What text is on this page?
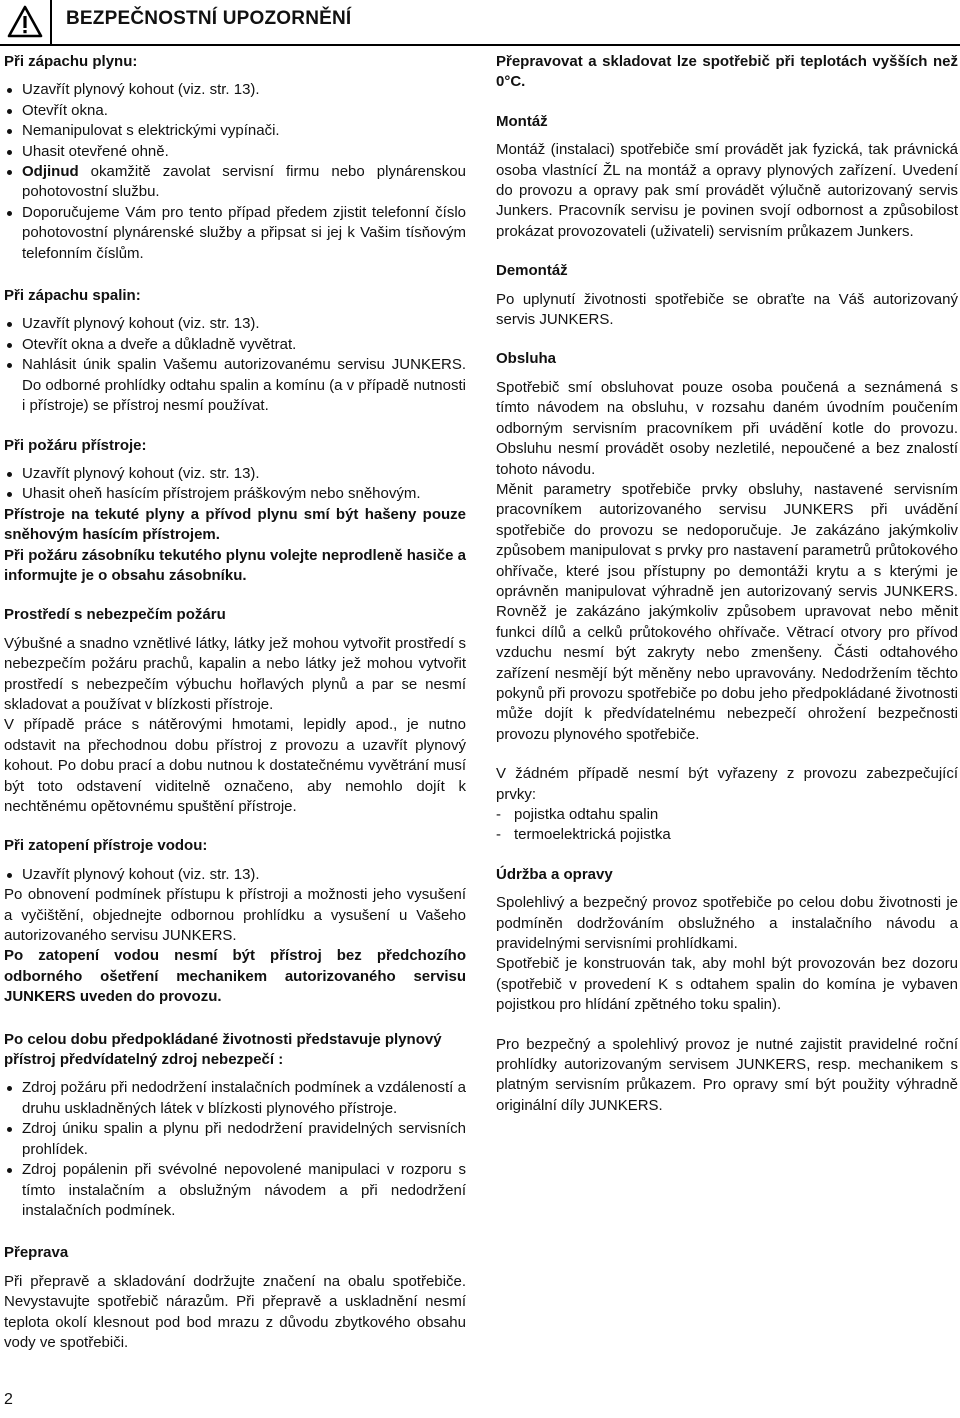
BEZPEČNOSTNÍ UPOZORNĚNÍ
Při zápachu plynu:
Uzavřít plynový kohout (viz. str. 13).
Otevřít okna.
Nemanipulovat s elektrickými vypínači.
Uhasit otevřené ohně.
Odjinud okamžitě zavolat servisní firmu nebo plynárenskou pohotovostní službu.
Doporučujeme Vám pro tento případ předem zjistit telefonní číslo pohotovostní plynárenské služby a připsat si jej k Vašim tísňovým telefonním číslům.
Při zápachu spalin:
Uzavřít plynový kohout (viz. str. 13).
Otevřít okna a dveře a důkladně vyvětrat.
Nahlásit únik spalin Vašemu autorizovanému servisu JUNKERS. Do odborné prohlídky odtahu spalin a komínu (a v případě nutnosti i přístroje) se přístroj nesmí používat.
Při požáru přístroje:
Uzavřít plynový kohout (viz. str. 13).
Uhasit oheň hasícím přístrojem práškovým nebo sněhovým.

Přístroje na tekuté plyny a přívod plynu smí být hašeny pouze sněhovým hasícím přístrojem.

Při požáru zásobníku tekutého plynu volejte neprodleně hasiče a informujte je o obsahu zásobníku.

Prostředí s nebezpečím požáru

Výbušné a snadno vznětlivé látky, látky jež mohou vytvořit prostředí s nebezpečím požáru prachů, kapalin a nebo látky jež mohou vytvořit prostředí s nebezpečím výbuchu hořlavých plynů a par se nesmí skladovat a používat v blízkosti přístroje.

V případě práce s nátěrovými hmotami, lepidly apod., je nutno odstavit na přechodnou dobu přístroj z provozu a uzavřít plynový kohout. Po dobu prací a dobu nutnou k dostatečnému vyvětrání musí být toto odstavení viditelně označeno, aby nemohlo dojít k nechtěnému opětovnému spuštění přístroje.

Při zatopení přístroje vodou:
Uzavřít plynový kohout (viz. str. 13).

Po obnovení podmínek přístupu k přístroji a možnosti jeho vysušení a vyčištění, objednejte odbornou prohlídku a vysušení u Vašeho autorizovaného servisu JUNKERS.

Po zatopení vodou nesmí být přístroj bez předchozího odborného ošetření mechanikem autorizovaného servisu JUNKERS uveden do provozu.

Po celou dobu předpokládané životnosti představuje plynový přístroj předvídatelný zdroj nebezpečí :
Zdroj požáru při nedodržení instalačních podmínek a vzdáleností a druhu uskladněných látek v blízkosti plynového přístroje.
Zdroj úniku spalin a plynu při nedodržení pravidelných servisních prohlídek.
Zdroj popálenin při svévolné nepovolené manipulaci v rozporu s tímto instalačním a obslužným návodem a při nedodržení instalačních podmínek.
Přeprava

Při přepravě a skladování dodržujte značení na obalu spotřebiče. Nevystavujte spotřebič nárazům. Při přepravě a uskladnění nesmí teplota okolí klesnout pod bod mrazu z důvodu zbytkového obsahu vody ve spotřebiči.

Přepravovat a skladovat lze spotřebič při teplotách vyšších než 0°C.

Montáž

Montáž (instalaci) spotřebiče smí provádět jak fyzická, tak právnická osoba vlastnící ŽL na montáž a opravy plynových zařízení. Uvedení do provozu a opravy pak smí provádět výlučně autorizovaný servis Junkers. Pracovník servisu je povinen svojí odbornost a způsobilost prokázat provozovateli (uživateli) servisním průkazem Junkers.

Demontáž

Po uplynutí životnosti spotřebiče se obraťte na Váš autorizovaný servis JUNKERS.

Obsluha

Spotřebič smí obsluhovat pouze osoba poučená a seznámená s tímto návodem na obsluhu, v rozsahu daném úvodním poučením odborným servisním pracovníkem při uvádění kotle do provozu. Obsluhu nesmí provádět osoby nezletilé, nepoučené a bez znalostí tohoto návodu.

Měnit parametry spotřebiče prvky obsluhy, nastavené servisním pracovníkem autorizovaného servisu JUNKERS při uvádění spotřebiče do provozu se nedoporučuje. Je zakázáno jakýmkoliv způsobem manipulovat s prvky pro nastavení parametrů průtokového ohřívače, které jsou přístupny po demontáži krytu a s kterými je oprávněn manipulovat výhradně jen autorizovaný servis JUNKERS. Rovněž je zakázáno jakýmkoliv způsobem upravovat nebo měnit funkci dílů a celků průtokového ohřívače. Větrací otvory pro přívod vzduchu nesmí být zakryty nebo zmenšeny. Části odtahového zařízení nesmějí být měněny nebo upravovány. Nedodržením těchto pokynů při provozu spotřebiče po dobu jeho předpokládané životnosti může dojít k předvídatelnému nebezpečí ohrožení bezpečnosti provozu plynového spotřebiče.

V žádném případě nesmí být vyřazeny z provozu zabezpečující prvky:

- pojistka odtahu spalin
- termoelektrická pojistka
Údržba a opravy

Spolehlivý a bezpečný provoz spotřebiče po celou dobu životnosti je podmíněn dodržováním obslužného a instalačního návodu a pravidelnými servisními prohlídkami.

Spotřebič je konstruován tak, aby mohl být provozován bez dozoru (spotřebič v provedení K s odtahem spalin do komína je vybaven pojistkou pro hlídání zpětného toku spalin).

Pro bezpečný a spolehlivý provoz je nutné zajistit pravidelné roční prohlídky autorizovaným servisem JUNKERS, resp. mechanikem s platným servisním průkazem. Pro opravy smí být použity výhradně originální díly JUNKERS.

2
